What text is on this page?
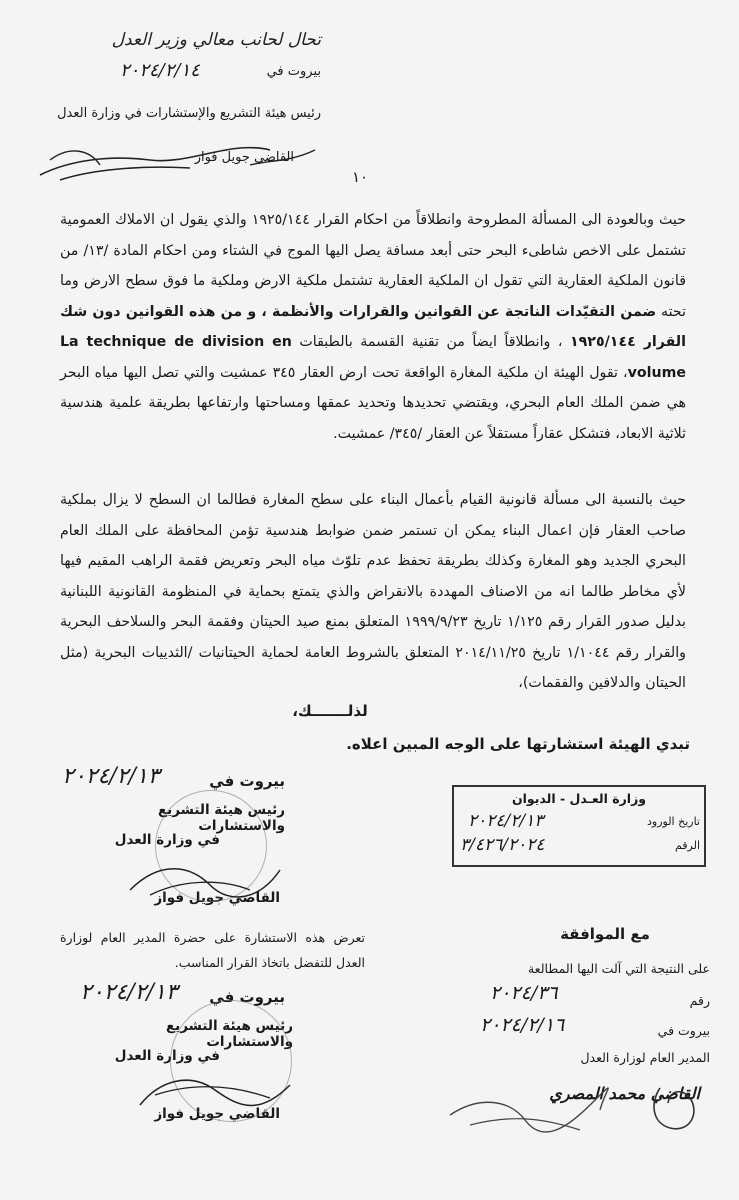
تحال لحانب معالي وزير العدل
بيروت في
٢٠٢٤/٢/١٤
رئيس هيئة التشريع والإستشارات في وزارة العدل
القاضي جويل فواز
١٠
حيث وبالعودة الى المسألة المطروحة وانطلاقاً من احكام القرار ١٩٢٥/١٤٤ والذي يقول ان الاملاك العمومية تشتمل على الاخص شاطىء البحر حتى أبعد مسافة يصل اليها الموج في الشتاء ومن احكام المادة /١٣/ من قانون الملكية العقارية التي تقول ان الملكية العقارية تشتمل ملكية الارض وملكية ما فوق سطح الارض وما تحته ضمن التقيّدات الناتجة عن القوانين والقرارات والأنظمة ، و من هذه القوانين دون شك القرار ١٩٢٥/١٤٤ ، وانطلاقاً ايضاً من تقنية القسمة بالطبقات La technique de division en volume، تقول الهيئة ان ملكية المغارة الواقعة تحت ارض العقار ٣٤٥ عمشيت والتي تصل اليها مياه البحر هي ضمن الملك العام البحري، ويقتضي تحديدها وتحديد عمقها ومساحتها وارتفاعها بطريقة علمية هندسية ثلاثية الابعاد، فتشكل عقاراً مستقلاً عن العقار /٣٤٥/ عمشيت.
حيث بالنسبة الى مسألة قانونية القيام بأعمال البناء على سطح المغارة فطالما ان السطح لا يزال بملكية صاحب العقار فإن اعمال البناء يمكن ان تستمر ضمن ضوابط هندسية تؤمن المحافظة على الملك العام البحري الجديد وهو المغارة وكذلك بطريقة تحفظ عدم تلوّث مياه البحر وتعريض فقمة الراهب المقيم فيها لأي مخاطر طالما انه من الاصناف المهددة بالانقراض والذي يتمتع بحماية في المنظومة القانونية اللبنانية بدليل صدور القرار رقم ١/١٢٥ تاريخ ١٩٩٩/٩/٢٣ المتعلق بمنع صيد الحيتان وفقمة البحر والسلاحف البحرية والقرار رقم ١/١٠٤٤ تاريخ ٢٠١٤/١١/٢٥ المتعلق بالشروط العامة لحماية الحيتانيات /الثدييات البحرية (مثل الحيتان والدلافين والفقمات)،
لذلـــــــك،
تبدي الهيئة استشارتها على الوجه المبين اعلاه.
بيروت في
٢٠٢٤/٢/١٣
رئيس هيئة التشريع والاستشارات
في وزارة العدل
القاضي جويل فواز
تعرض هذه الاستشارة على حضرة المدير العام لوزارة العدل للتفضل باتخاذ القرار المناسب.
بيروت في
٢٠٢٤/٢/١٣
رئيس هيئة التشريع والاستشارات
في وزارة العدل
القاضي جويل فواز
وزارة العـدل - الديوان
تاريخ الورود
٢٠٢٤/٢/١٣
الرقم
٣/٤٢٦/٢٠٢٤
مع الموافقة
على النتيجة التي آلت اليها المطالعة
رقم
٢٠٢٤/٣٦
بيروت في
٢٠٢٤/٢/١٦
المدير العام لوزارة العدل
القاضي محمد المصري
